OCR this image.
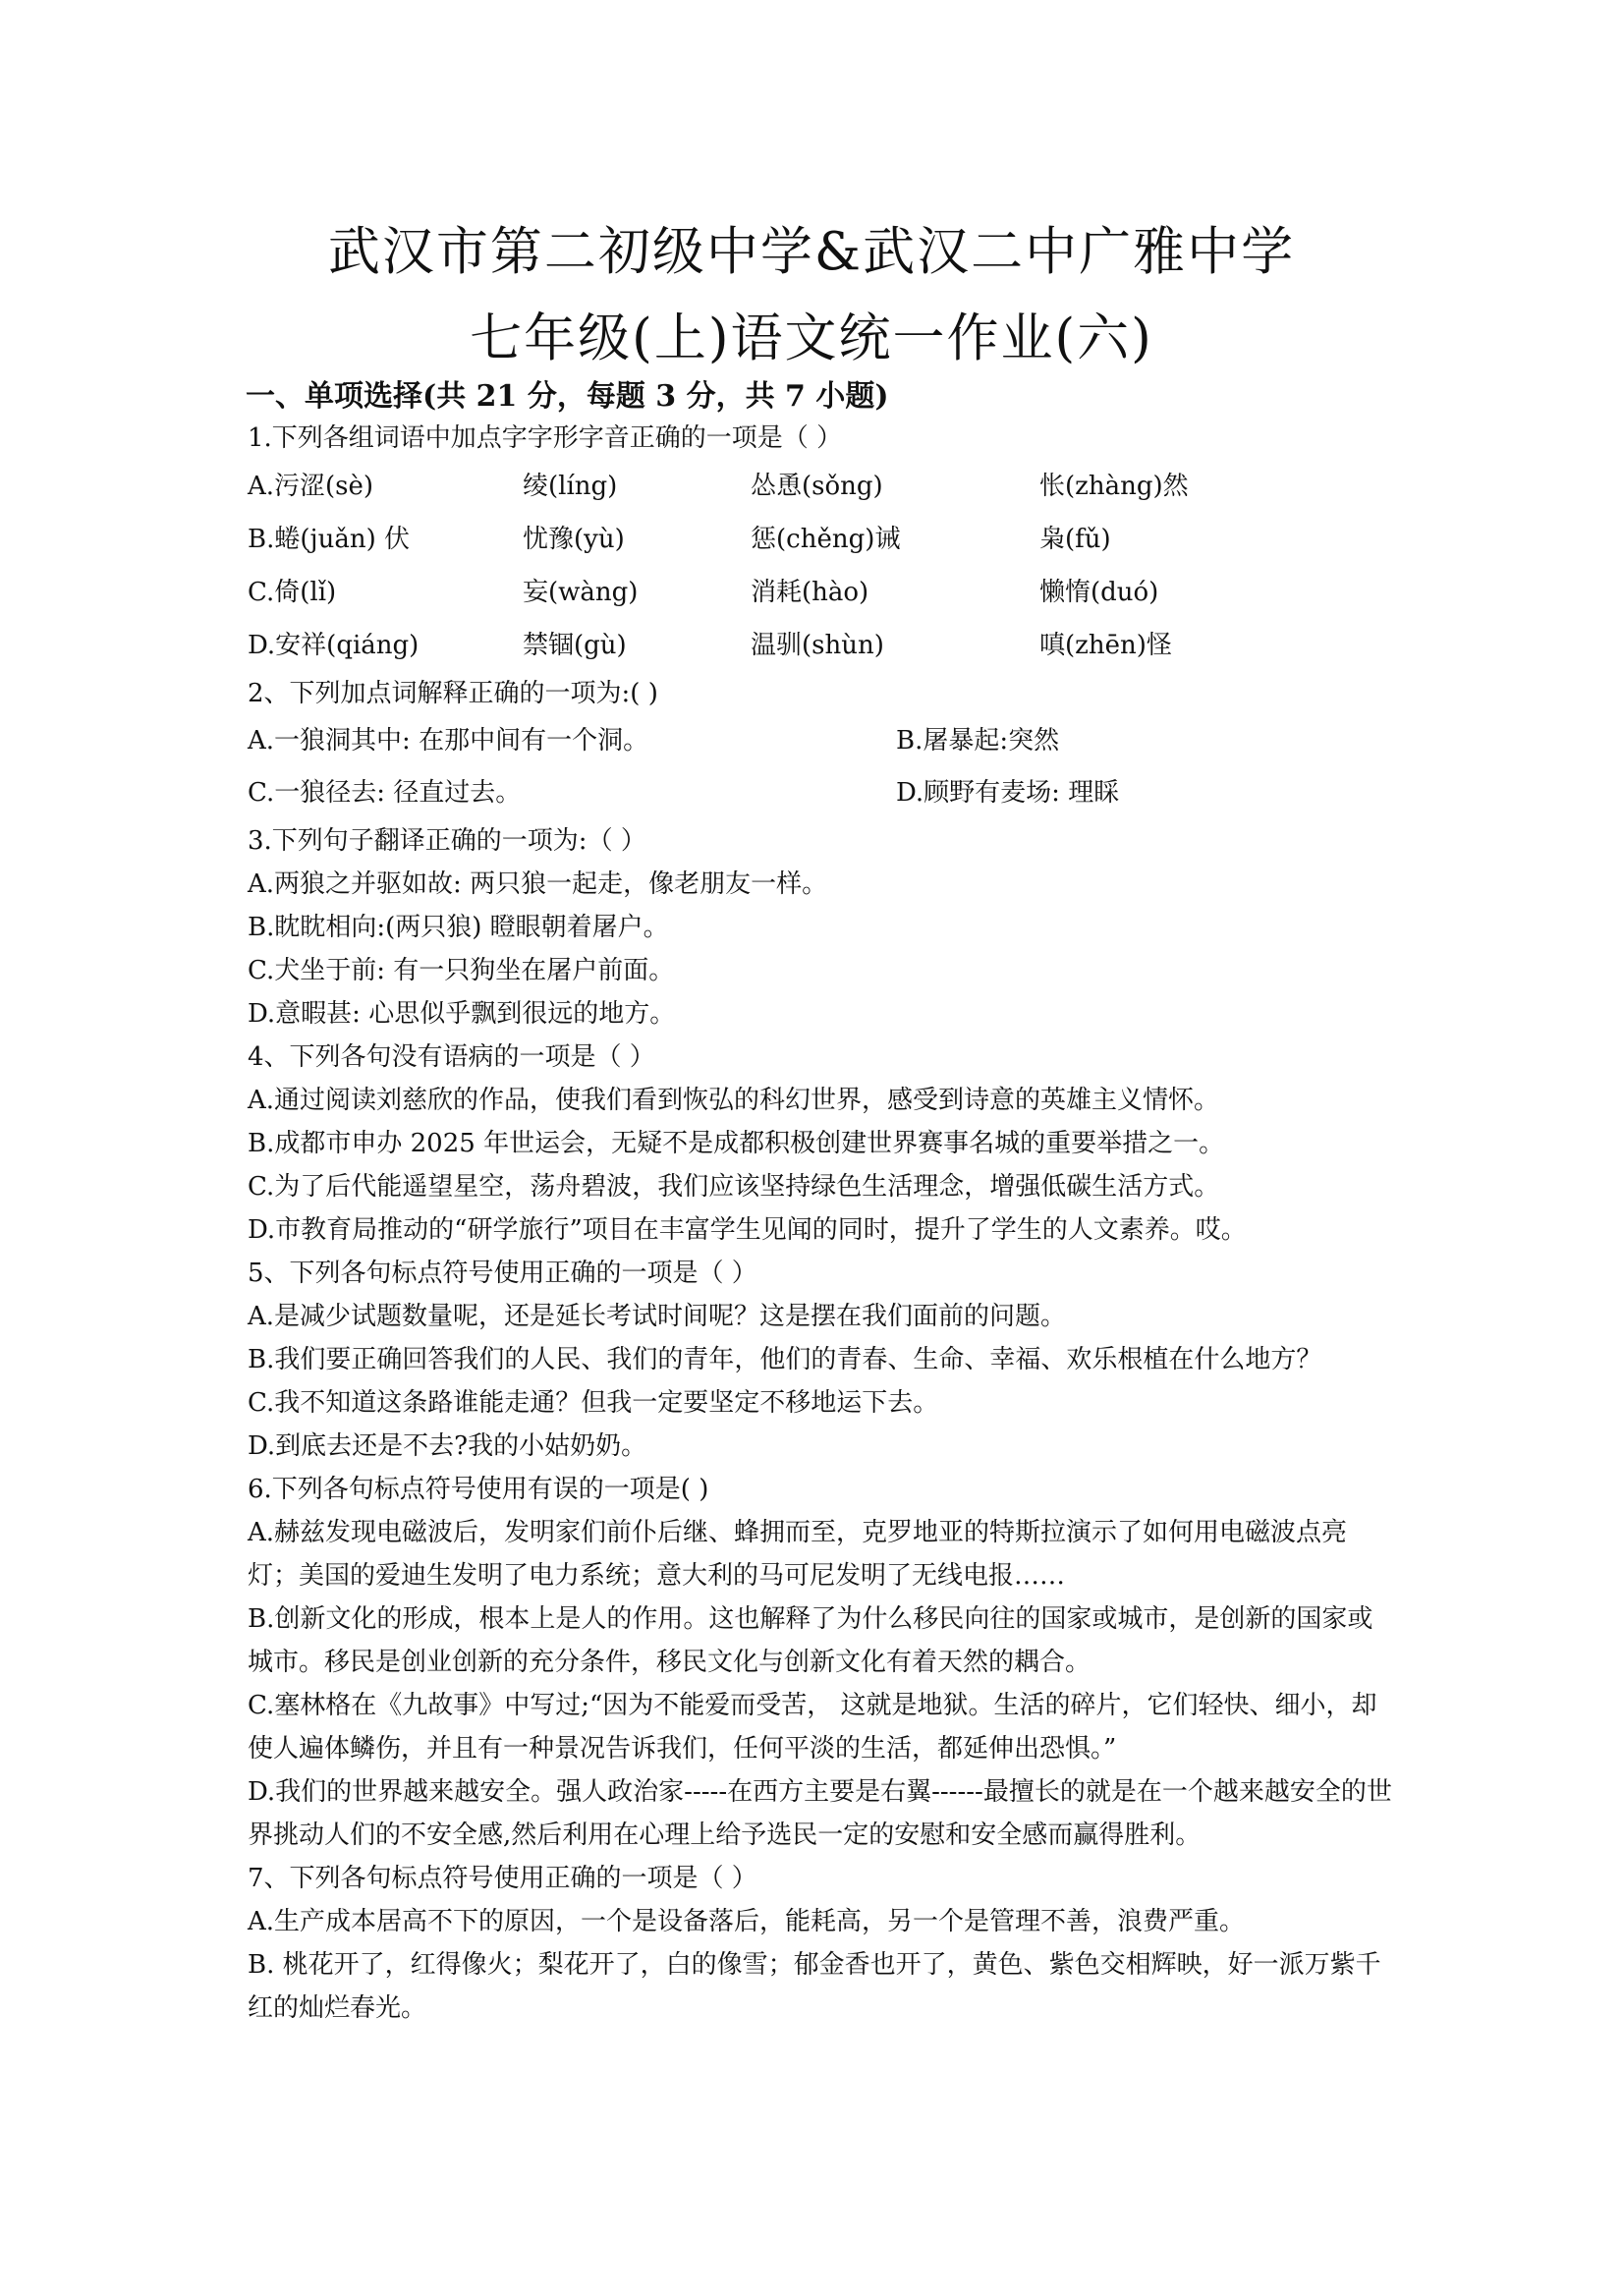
武汉市第二初级中学&武汉二中广雅中学
七年级(上)语文统一作业(六)
一、单项选择(共 21 分，每题 3 分，共 7 小题)
1.下列各组词语中加点字字形字音正确的一项是（ ）
A.污涩(sè)	绫(líng)	怂恿(sǒng)	怅(zhàng)然
B.蜷(juǎn) 伏	忧豫(yù)	惩(chěng)诫	枭(fǔ)
C.倚(lǐ)	妄(wàng)	消耗(hào)	懒惰(duó)
D.安祥(qiáng)	禁锢(gù)	温驯(shùn)	嗔(zhēn)怪
2、下列加点词解释正确的一项为:( )
A.一狼洞其中: 在那中间有一个洞。	B.屠暴起:突然
C.一狼径去: 径直过去。	D.顾野有麦场: 理睬
3.下列句子翻译正确的一项为:（ ）
A.两狼之并驱如故: 两只狼一起走，像老朋友一样。
B.眈眈相向:(两只狼) 瞪眼朝着屠户。
C.犬坐于前: 有一只狗坐在屠户前面。
D.意暇甚: 心思似乎飘到很远的地方。
4、下列各句没有语病的一项是（ ）
A.通过阅读刘慈欣的作品，使我们看到恢弘的科幻世界，感受到诗意的英雄主义情怀。
B.成都市申办 2025 年世运会，无疑不是成都积极创建世界赛事名城的重要举措之一。
C.为了后代能遥望星空，荡舟碧波，我们应该坚持绿色生活理念，增强低碳生活方式。
D.市教育局推动的“研学旅行”项目在丰富学生见闻的同时，提升了学生的人文素养。哎。
5、下列各句标点符号使用正确的一项是（ ）
A.是减少试题数量呢，还是延长考试时间呢？这是摆在我们面前的问题。
B.我们要正确回答我们的人民、我们的青年，他们的青春、生命、幸福、欢乐根植在什么地方？
C.我不知道这条路谁能走通？但我一定要坚定不移地运下去。
D.到底去还是不去?我的小姑奶奶。
6.下列各句标点符号使用有误的一项是( )
A.赫兹发现电磁波后，发明家们前仆后继、蜂拥而至，克罗地亚的特斯拉演示了如何用电磁波点亮灯；美国的爱迪生发明了电力系统；意大利的马可尼发明了无线电报……
B.创新文化的形成，根本上是人的作用。这也解释了为什么移民向往的国家或城市，是创新的国家或城市。移民是创业创新的充分条件，移民文化与创新文化有着天然的耦合。
C.塞林格在《九故事》中写过;“因为不能爱而受苦， 这就是地狱。生活的碎片，它们轻快、细小，却使人遍体鳞伤，并且有一种景况告诉我们，任何平淡的生活，都延伸出恐惧。”
D.我们的世界越来越安全。强人政治家-----在西方主要是右翼------最擅长的就是在一个越来越安全的世界挑动人们的不安全感,然后利用在心理上给予选民一定的安慰和安全感而赢得胜利。
7、下列各句标点符号使用正确的一项是（ ）
A.生产成本居高不下的原因，一个是设备落后，能耗高，另一个是管理不善，浪费严重。
B. 桃花开了，红得像火；梨花开了，白的像雪；郁金香也开了，黄色、紫色交相辉映，好一派万紫千红的灿烂春光。
